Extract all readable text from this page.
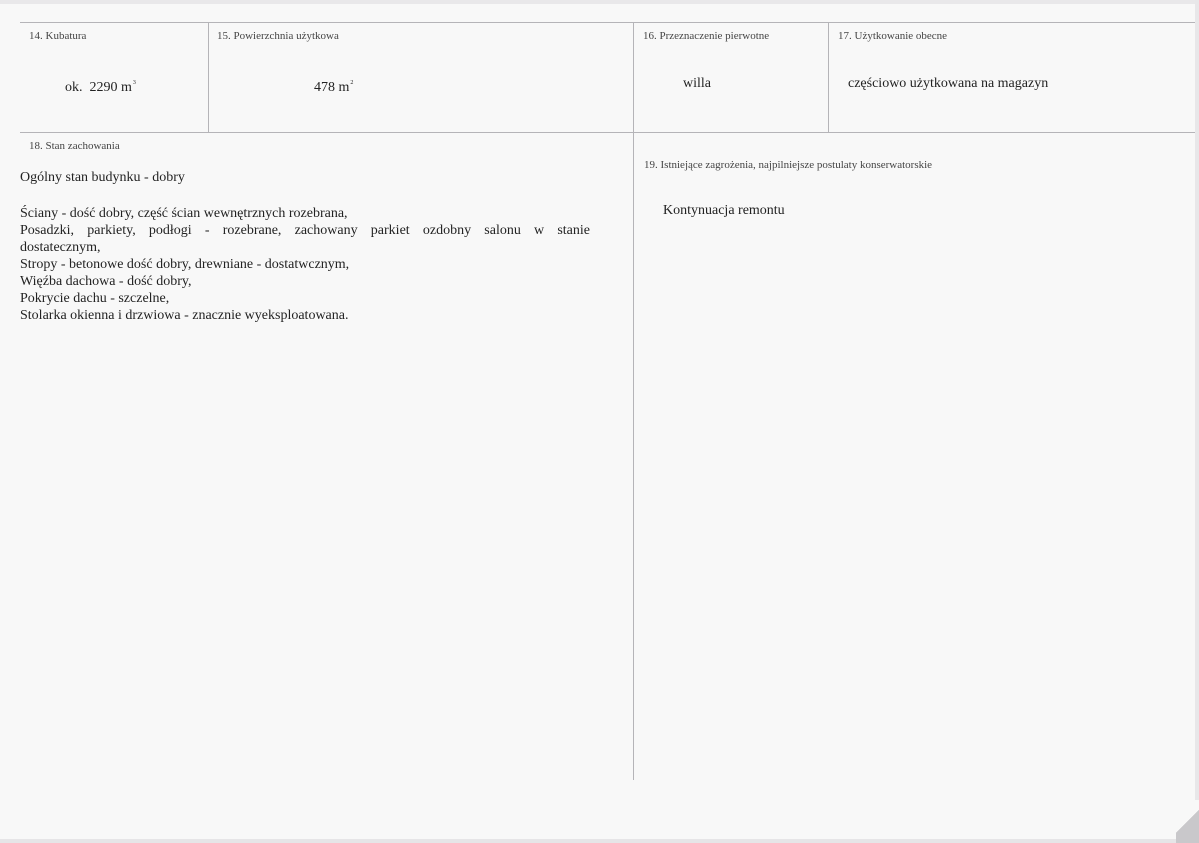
14. Kubatura
ok.  2290 $m^3$
15. Powierzchnia użytkowa
478 $m^2$
16. Przeznaczenie pierwotne
willa
17. Użytkowanie obecne
częściowo użytkowana na magazyn
18. Stan zachowania
Ogólny stan budynku - dobry
Ściany - dość dobry, część ścian wewnętrznych rozebrana,
Posadzki, parkiety, podłogi - rozebrane, zachowany parkiet ozdobny salonu w stanie
dostatecznym,
Stropy - betonowe dość dobry, drewniane - dostatwcznym,
Więźba dachowa - dość dobry,
Pokrycie dachu - szczelne,
Stolarka okienna i drzwiowa - znacznie wyeksploatowana.
19. Istniejące zagrożenia, najpilniejsze postulaty konserwatorskie
Kontynuacja remontu
